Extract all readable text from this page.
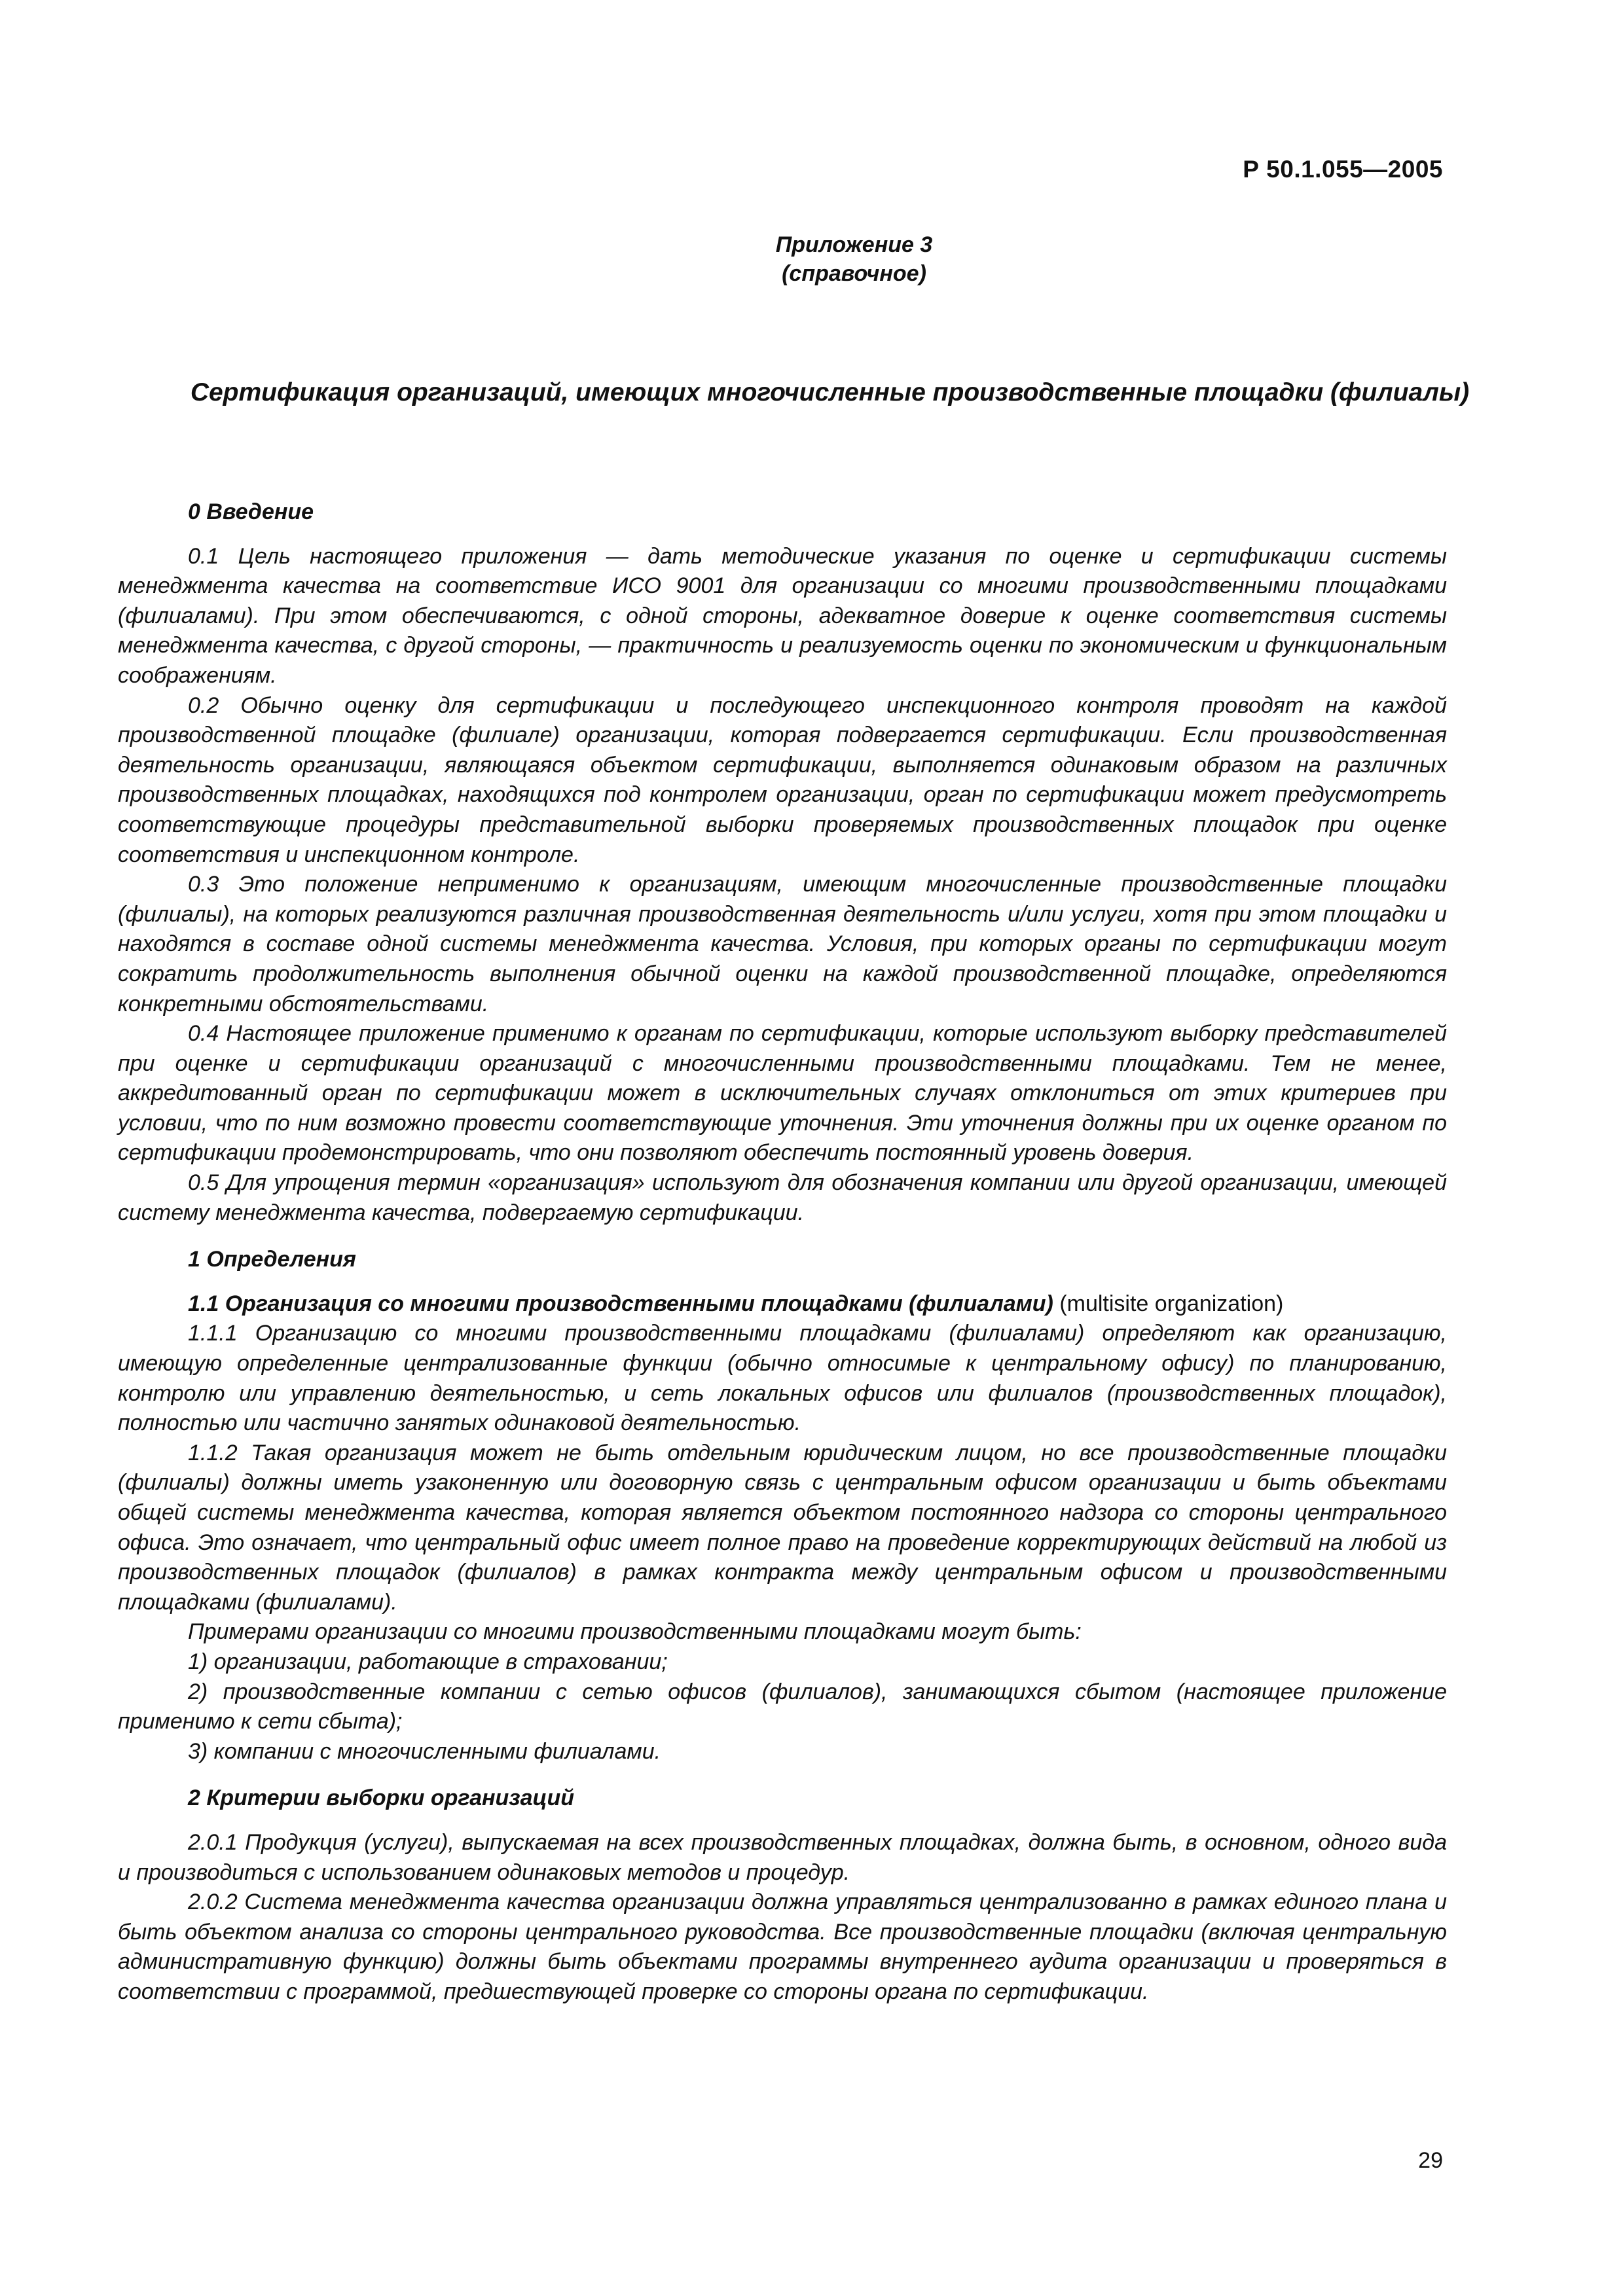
Р 50.1.055—2005
Приложение 3
(справочное)
Сертификация организаций, имеющих многочисленные производственные площадки (филиалы)
0 Введение

0.1 Цель настоящего приложения — дать методические указания по оценке и сертификации системы менеджмента качества на соответствие ИСО 9001 для организации со многими производственными площадками (филиалами). При этом обеспечиваются, с одной стороны, адекватное доверие к оценке соответствия системы менеджмента качества, с другой стороны, — практичность и реализуемость оценки по экономическим и функциональным соображениям.

0.2 Обычно оценку для сертификации и последующего инспекционного контроля проводят на каждой производственной площадке (филиале) организации, которая подвергается сертификации. Если производственная деятельность организации, являющаяся объектом сертификации, выполняется одинаковым образом на различных производственных площадках, находящихся под контролем организации, орган по сертификации может предусмотреть соответствующие процедуры представительной выборки проверяемых производственных площадок при оценке соответствия и инспекционном контроле.

0.3 Это положение неприменимо к организациям, имеющим многочисленные производственные площадки (филиалы), на которых реализуются различная производственная деятельность и/или услуги, хотя при этом площадки и находятся в составе одной системы менеджмента качества. Условия, при которых органы по сертификации могут сократить продолжительность выполнения обычной оценки на каждой производственной площадке, определяются конкретными обстоятельствами.

0.4 Настоящее приложение применимо к органам по сертификации, которые используют выборку представителей при оценке и сертификации организаций с многочисленными производственными площадками. Тем не менее, аккредитованный орган по сертификации может в исключительных случаях отклониться от этих критериев при условии, что по ним возможно провести соответствующие уточнения. Эти уточнения должны при их оценке органом по сертификации продемонстрировать, что они позволяют обеспечить постоянный уровень доверия.

0.5 Для упрощения термин «организация» используют для обозначения компании или другой организации, имеющей систему менеджмента качества, подвергаемую сертификации.

1 Определения

1.1 Организация со многими производственными площадками (филиалами) (multisite organization)

1.1.1 Организацию со многими производственными площадками (филиалами) определяют как организацию, имеющую определенные централизованные функции (обычно относимые к центральному офису) по планированию, контролю или управлению деятельностью, и сеть локальных офисов или филиалов (производственных площадок), полностью или частично занятых одинаковой деятельностью.

1.1.2 Такая организация может не быть отдельным юридическим лицом, но все производственные площадки (филиалы) должны иметь узаконенную или договорную связь с центральным офисом организации и быть объектами общей системы менеджмента качества, которая является объектом постоянного надзора со стороны центрального офиса. Это означает, что центральный офис имеет полное право на проведение корректирующих действий на любой из производственных площадок (филиалов) в рамках контракта между центральным офисом и производственными площадками (филиалами).

Примерами организации со многими производственными площадками могут быть:

1) организации, работающие в страховании;

2) производственные компании с сетью офисов (филиалов), занимающихся сбытом (настоящее приложение применимо к сети сбыта);

3) компании с многочисленными филиалами.

2 Критерии выборки организаций

2.0.1 Продукция (услуги), выпускаемая на всех производственных площадках, должна быть, в основном, одного вида и производиться с использованием одинаковых методов и процедур.

2.0.2 Система менеджмента качества организации должна управляться централизованно в рамках единого плана и быть объектом анализа со стороны центрального руководства. Все производственные площадки (включая центральную административную функцию) должны быть объектами программы внутреннего аудита организации и проверяться в соответствии с программой, предшествующей проверке со стороны органа по сертификации.

29
